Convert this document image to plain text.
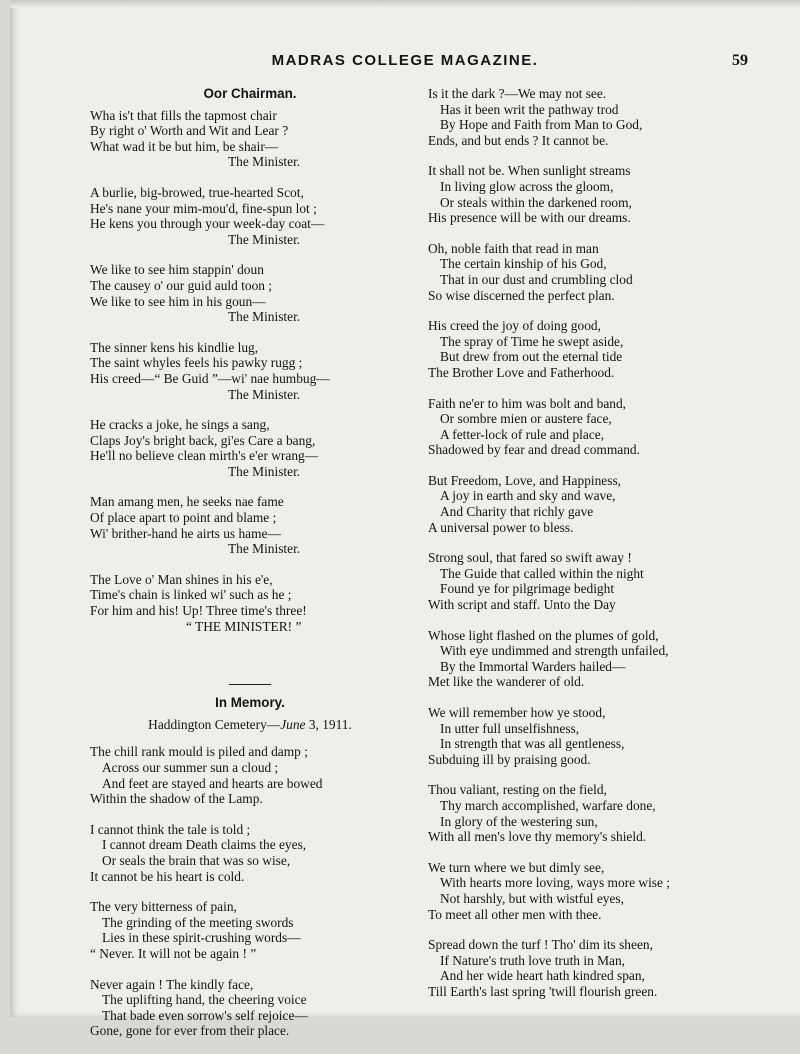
MADRAS COLLEGE MAGAZINE.	59
Oor Chairman.
Wha is't that fills the tapmost chair
By right o' Worth and Wit and Lear ?
What wad it be but him, be shair—
The Minister.
A burlie, big-browed, true-hearted Scot,
He's nane your mim-mou'd, fine-spun lot ;
He kens you through your week-day coat—
The Minister.
We like to see him stappin' doun
The causey o' our guid auld toon ;
We like to see him in his goun—
The Minister.
The sinner kens his kindlie lug,
The saint whyles feels his pawky rugg ;
His creed—“ Be Guid ”—wi' nae humbug—
The Minister.
He cracks a joke, he sings a sang,
Claps Joy's bright back, gi'es Care a bang,
He'll no believe clean mirth's e'er wrang—
The Minister.
Man amang men, he seeks nae fame
Of place apart to point and blame ;
Wi' brither-hand he airts us hame—
The Minister.
The Love o' Man shines in his e'e,
Time's chain is linked wi' such as he ;
For him and his! Up! Three time's three!
“ THE MINISTER! ”
In Memory.
Haddington Cemetery—June 3, 1911.
The chill rank mould is piled and damp ;
Across our summer sun a cloud ;
And feet are stayed and hearts are bowed
Within the shadow of the Lamp.
I cannot think the tale is told ;
I cannot dream Death claims the eyes,
Or seals the brain that was so wise,
It cannot be his heart is cold.
The very bitterness of pain,
The grinding of the meeting swords
Lies in these spirit-crushing words—
“ Never. It will not be again ! ”
Never again ! The kindly face,
The uplifting hand, the cheering voice
That bade even sorrow's self rejoice—
Gone, gone for ever from their place.
Is it the dark ?—We may not see.
Has it been writ the pathway trod
By Hope and Faith from Man to God,
Ends, and but ends ? It cannot be.
It shall not be. When sunlight streams
In living glow across the gloom,
Or steals within the darkened room,
His presence will be with our dreams.
Oh, noble faith that read in man
The certain kinship of his God,
That in our dust and crumbling clod
So wise discerned the perfect plan.
His creed the joy of doing good,
The spray of Time he swept aside,
But drew from out the eternal tide
The Brother Love and Fatherhood.
Faith ne'er to him was bolt and band,
Or sombre mien or austere face,
A fetter-lock of rule and place,
Shadowed by fear and dread command.
But Freedom, Love, and Happiness,
A joy in earth and sky and wave,
And Charity that richly gave
A universal power to bless.
Strong soul, that fared so swift away !
The Guide that called within the night
Found ye for pilgrimage bedight
With script and staff. Unto the Day
Whose light flashed on the plumes of gold,
With eye undimmed and strength unfailed,
By the Immortal Warders hailed—
Met like the wanderer of old.
We will remember how ye stood,
In utter full unselfishness,
In strength that was all gentleness,
Subduing ill by praising good.
Thou valiant, resting on the field,
Thy march accomplished, warfare done,
In glory of the westering sun,
With all men's love thy memory's shield.
We turn where we but dimly see,
With hearts more loving, ways more wise ;
Not harshly, but with wistful eyes,
To meet all other men with thee.
Spread down the turf ! Tho' dim its sheen,
If Nature's truth love truth in Man,
And her wide heart hath kindred span,
Till Earth's last spring 'twill flourish green.
